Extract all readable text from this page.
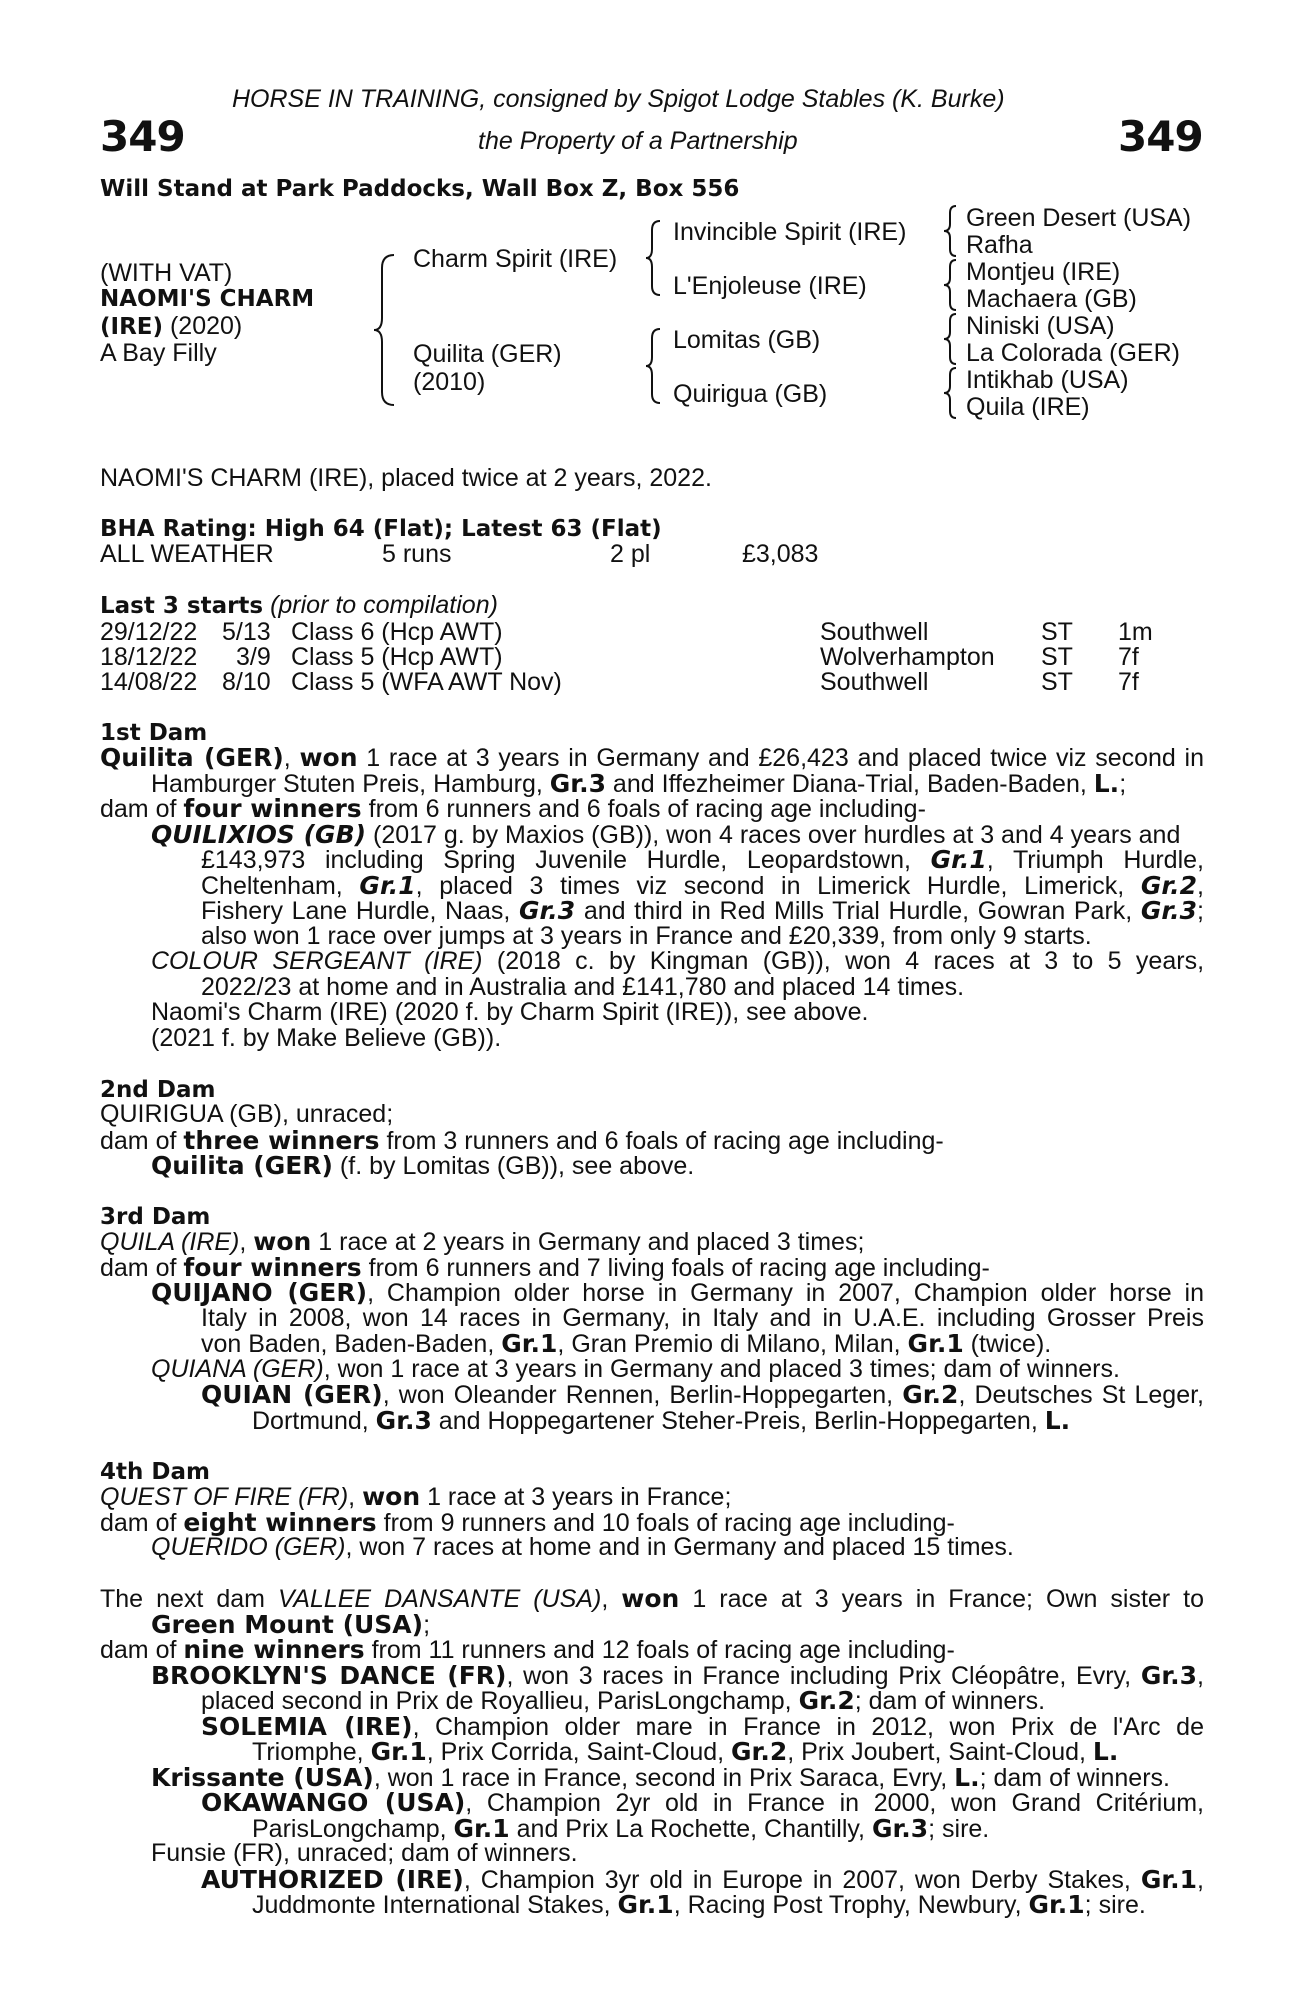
349	349
HORSE IN TRAINING, consigned by Spigot Lodge Stables (K. Burke)
the Property of a Partnership
Will Stand at Park Paddocks, Wall Box Z, Box 556
(WITH VAT)
NAOMI'S CHARM
(IRE) (2020)
A Bay Filly
Charm Spirit (IRE)
Quilita (GER)
(2010)
Invincible Spirit (IRE)
L'Enjoleuse (IRE)
Lomitas (GB)
Quirigua (GB)
Green Desert (USA)
Rafha
Montjeu (IRE)
Machaera (GB)
Niniski (USA)
La Colorada (GER)
Intikhab (USA)
Quila (IRE)
NAOMI'S CHARM (IRE), placed twice at 2 years, 2022.
BHA Rating: High 64 (Flat); Latest 63 (Flat)
ALL WEATHER	5 runs	2 pl	£3,083
Last 3 starts (prior to compilation)
29/12/22 5/13 Class 6 (Hcp AWT)	Southwell	ST 1m
18/12/22 3/9 Class 5 (Hcp AWT)	Wolverhampton ST 7f
14/08/22 8/10 Class 5 (WFA AWT Nov)	Southwell	ST 7f
1st Dam
Quilita (GER), won 1 race at 3 years in Germany and £26,423 and placed twice viz second in
Hamburger Stuten Preis, Hamburg, Gr.3 and Iffezheimer Diana-Trial, Baden-Baden, L.;
dam of four winners from 6 runners and 6 foals of racing age including-
QUILIXIOS (GB) (2017 g. by Maxios (GB)), won 4 races over hurdles at 3 and 4 years and
£143,973 including Spring Juvenile Hurdle, Leopardstown, Gr.1, Triumph Hurdle,
Cheltenham, Gr.1, placed 3 times viz second in Limerick Hurdle, Limerick, Gr.2,
Fishery Lane Hurdle, Naas, Gr.3 and third in Red Mills Trial Hurdle, Gowran Park, Gr.3;
also won 1 race over jumps at 3 years in France and £20,339, from only 9 starts.
COLOUR SERGEANT (IRE) (2018 c. by Kingman (GB)), won 4 races at 3 to 5 years,
2022/23 at home and in Australia and £141,780 and placed 14 times.
Naomi's Charm (IRE) (2020 f. by Charm Spirit (IRE)), see above.
(2021 f. by Make Believe (GB)).
2nd Dam
QUIRIGUA (GB), unraced;
dam of three winners from 3 runners and 6 foals of racing age including-
Quilita (GER) (f. by Lomitas (GB)), see above.
3rd Dam
QUILA (IRE), won 1 race at 2 years in Germany and placed 3 times;
dam of four winners from 6 runners and 7 living foals of racing age including-
QUIJANO (GER), Champion older horse in Germany in 2007, Champion older horse in
Italy in 2008, won 14 races in Germany, in Italy and in U.A.E. including Grosser Preis
von Baden, Baden-Baden, Gr.1, Gran Premio di Milano, Milan, Gr.1 (twice).
QUIANA (GER), won 1 race at 3 years in Germany and placed 3 times; dam of winners.
QUIAN (GER), won Oleander Rennen, Berlin-Hoppegarten, Gr.2, Deutsches St Leger,
Dortmund, Gr.3 and Hoppegartener Steher-Preis, Berlin-Hoppegarten, L.
4th Dam
QUEST OF FIRE (FR), won 1 race at 3 years in France;
dam of eight winners from 9 runners and 10 foals of racing age including-
QUERIDO (GER), won 7 races at home and in Germany and placed 15 times.
The next dam VALLEE DANSANTE (USA), won 1 race at 3 years in France; Own sister to
Green Mount (USA);
dam of nine winners from 11 runners and 12 foals of racing age including-
BROOKLYN'S DANCE (FR), won 3 races in France including Prix Cléopâtre, Evry, Gr.3,
placed second in Prix de Royallieu, ParisLongchamp, Gr.2; dam of winners.
SOLEMIA (IRE), Champion older mare in France in 2012, won Prix de l'Arc de
Triomphe, Gr.1, Prix Corrida, Saint-Cloud, Gr.2, Prix Joubert, Saint-Cloud, L.
Krissante (USA), won 1 race in France, second in Prix Saraca, Evry, L.; dam of winners.
OKAWANGO (USA), Champion 2yr old in France in 2000, won Grand Critérium,
ParisLongchamp, Gr.1 and Prix La Rochette, Chantilly, Gr.3; sire.
Funsie (FR), unraced; dam of winners.
AUTHORIZED (IRE), Champion 3yr old in Europe in 2007, won Derby Stakes, Gr.1,
Juddmonte International Stakes, Gr.1, Racing Post Trophy, Newbury, Gr.1; sire.
